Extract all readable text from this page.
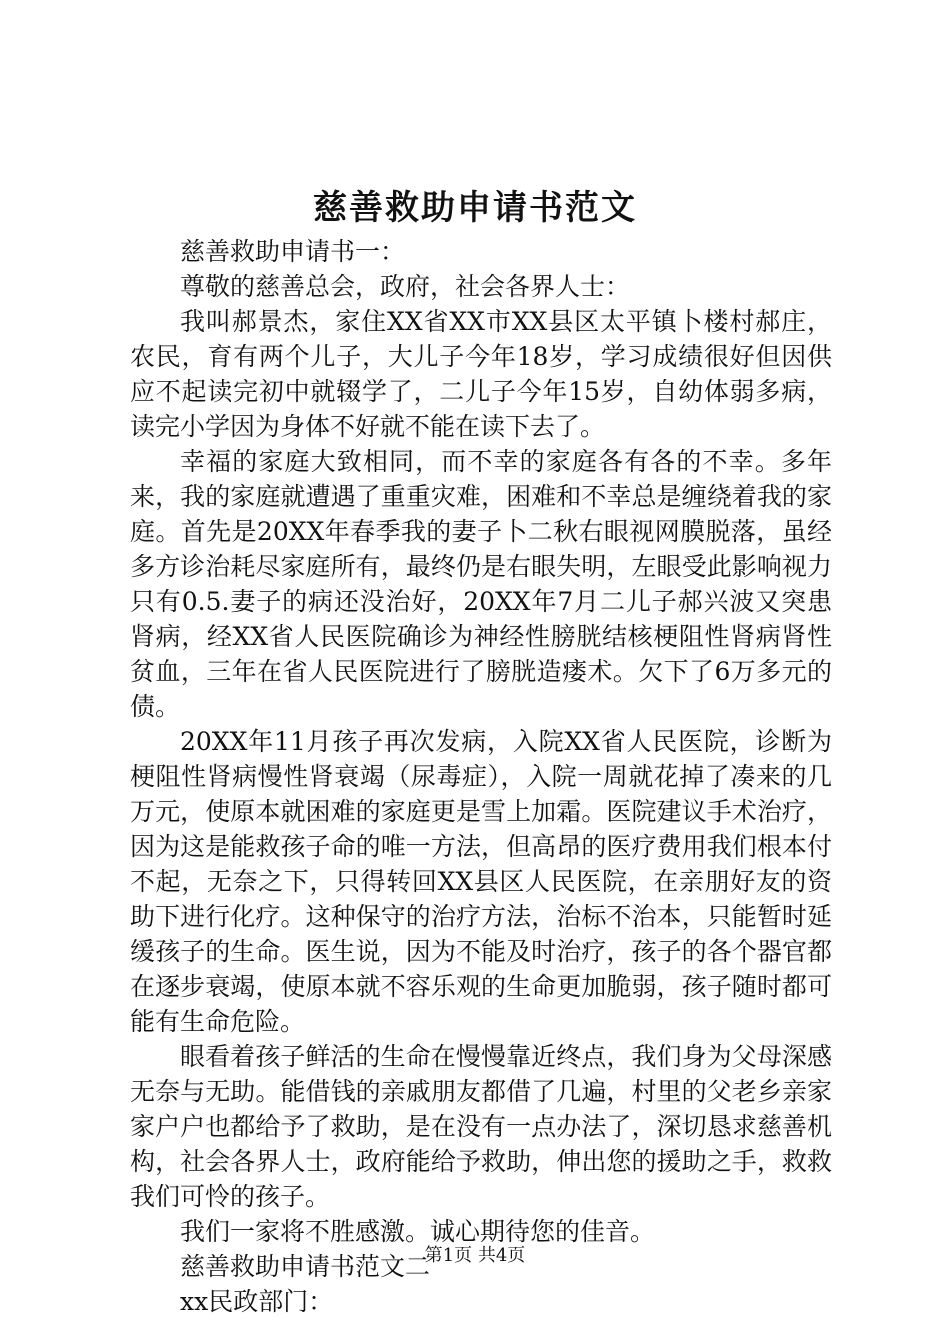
慈善救助申请书范文

慈善救助申请书一：

尊敬的慈善总会，政府，社会各界人士：

我叫郝景杰，家住XX省XX市XX县区太平镇卜楼村郝庄，农民，育有两个儿子，大儿子今年18岁，学习成绩很好但因供应不起读完初中就辍学了，二儿子今年15岁，自幼体弱多病，读完小学因为身体不好就不能在读下去了。

幸福的家庭大致相同，而不幸的家庭各有各的不幸。多年来，我的家庭就遭遇了重重灾难，困难和不幸总是缠绕着我的家庭。首先是20XX年春季我的妻子卜二秋右眼视网膜脱落，虽经多方诊治耗尽家庭所有，最终仍是右眼失明，左眼受此影响视力只有0.5.妻子的病还没治好，20XX年7月二儿子郝兴波又突患肾病，经XX省人民医院确诊为神经性膀胱结核梗阻性肾病肾性贫血，三年在省人民医院进行了膀胱造瘘术。欠下了6万多元的债。

20XX年11月孩子再次发病，入院XX省人民医院，诊断为梗阻性肾病慢性肾衰竭（尿毒症），入院一周就花掉了凑来的几万元，使原本就困难的家庭更是雪上加霜。医院建议手术治疗，因为这是能救孩子命的唯一方法，但高昂的医疗费用我们根本付不起，无奈之下，只得转回XX县区人民医院，在亲朋好友的资助下进行化疗。这种保守的治疗方法，治标不治本，只能暂时延缓孩子的生命。医生说，因为不能及时治疗，孩子的各个器官都在逐步衰竭，使原本就不容乐观的生命更加脆弱，孩子随时都可能有生命危险。

眼看着孩子鲜活的生命在慢慢靠近终点，我们身为父母深感无奈与无助。能借钱的亲戚朋友都借了几遍，村里的父老乡亲家家户户也都给予了救助，是在没有一点办法了，深切恳求慈善机构，社会各界人士，政府能给予救助，伸出您的援助之手，救救我们可怜的孩子。

我们一家将不胜感激。诚心期待您的佳音。

慈善救助申请书范文二

xx民政部门：

第1页 共4页
